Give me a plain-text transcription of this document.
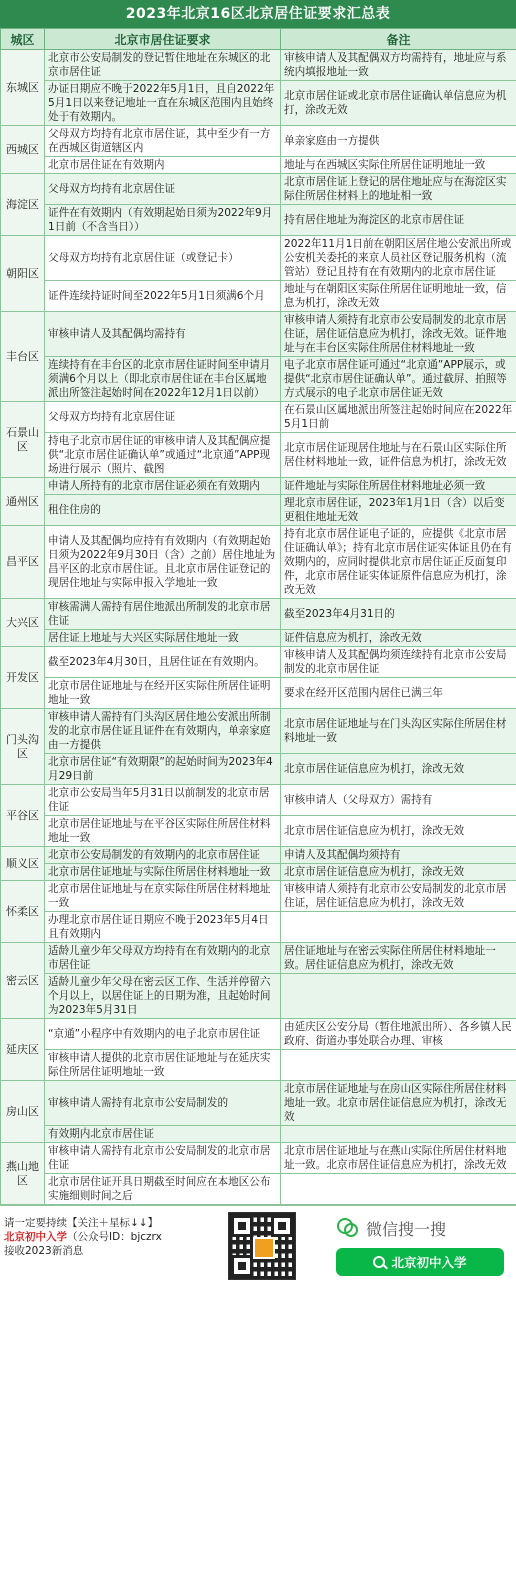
2023年北京16区北京居住证要求汇总表
城区	北京市居住证要求	备注
东城区	北京市公安局制发的登记暂住地址在东城区的北京市居住证	审核申请人及其配偶双方均需持有，地址应与系统内填报地址一致
	办证日期应不晚于2022年5月1日，且自2022年5月1日以来登记地址一直在东城区范围内且始终处于有效期内。	北京市居住证或北京市居住证确认单信息应为机打，涂改无效
西城区	父母双方均持有北京市居住证，其中至少有一方在西城区街道辖区内	单亲家庭由一方提供
	北京市居住证在有效期内	地址与在西城区实际住所居住证明地址一致
海淀区	父母双方均持有北京居住证	北京市居住证上登记的居住地址应与在海淀区实际住所居住材料上的地址相一致
	证件在有效期内（有效期起始日须为2022年9月1日前（不含当日））	持有居住地址为海淀区的北京市居住证
朝阳区	父母双方均持有北京居住证（或登记卡）	2022年11月1日前在朝阳区居住地公安派出所或公安机关委托的来京人员社区登记服务机构（流管站）登记且持有在有效期内的北京市居住证
	证件连续持证时间至2022年5月1日须满6个月	地址与在朝阳区实际住所居住证明地址一致，信息为机打，涂改无效
丰台区	审核申请人及其配偶均需持有	审核申请人须持有北京市公安局制发的北京市居住证，居住证信息应为机打，涂改无效。证件地址与在丰台区实际住所居住材料地址一致
	连续持有在丰台区的北京市居住证时间至申请月须满6个月以上（即北京市居住证在丰台区属地派出所签注起始时间在2022年12月1日以前）	电子北京市居住证可通过“北京通”APP展示，或提供“北京市居住证确认单”。通过截屏、拍照等方式展示的电子北京市居住证无效
石景山区	父母双方均持有北京居住证	在石景山区属地派出所签注起始时间应在2022年5月1日前
	持电子北京市居住证的审核申请人及其配偶应提供“北京市居住证确认单”或通过“北京通”APP现场进行展示（照片、截图	北京市居住证现居住地址与在石景山区实际住所居住材料地址一致，证件信息为机打，涂改无效
通州区	申请人所持有的北京市居住证必须在有效期内	证件地址与实际住所居住材料地址必须一致
	租住住房的	理北京市居住证，2023年1月1日（含）以后变更租住地址无效
昌平区	申请人及其配偶均应持有有效期内（有效期起始日须为2022年9月30日（含）之前）居住地址为昌平区的北京市居住证。且北京市居住证登记的现居住地址与实际申报入学地址一致	持有北京市居住证电子证的，应提供《北京市居住证确认单》；持有北京市居住证实体证且仍在有效期内的，应同时提供北京市居住证正反面复印件，北京市居住证实体证原件信息应为机打，涂改无效
大兴区	审核需满人需持有居住地派出所制发的北京市居住证	截至2023年4月31日的
	居住证上地址与大兴区实际居住地址一致	证件信息应为机打，涂改无效
开发区	截至2023年4月30日，且居住证在有效期内。	审核申请人及其配偶均须连续持有北京市公安局制发的北京市居住证
	北京市居住证地址与在经开区实际住所居住证明地址一致	要求在经开区范围内居住已满三年
门头沟区	审核申请人需持有门头沟区居住地公安派出所制发的北京市居住证且证件在有效期内，单亲家庭由一方提供	北京市居住证地址与在门头沟区实际住所居住材料地址一致
	北京市居住证“有效期限”的起始时间为2023年4月29日前	北京市居住证信息应为机打，涂改无效
平谷区	北京市公安局当年5月31日以前制发的北京市居住证	审核申请人（父母双方）需持有
	北京市居住证地址与在平谷区实际住所居住材料地址一致	北京市居住证信息应为机打，涂改无效
顺义区	北京市公安局制发的有效期内的北京市居住证	申请人及其配偶均须持有
	北京市居住证地址与实际住所居住材料地址一致	北京市居住证信息应为机打，涂改无效
怀柔区	北京市居住证地址与在京实际住所居住材料地址一致	审核申请人须持有北京市公安局制发的北京市居住证，居住证信息应为机打，涂改无效
	办理北京市居住证日期应不晚于2023年5月4日且有效期内	
密云区	适龄儿童少年父母双方均持有在有效期内的北京市居住证	居住证地址与在密云实际住所居住材料地址一致。居住证信息应为机打，涂改无效
	适龄儿童少年父母在密云区工作、生活并停留六个月以上，以居住证上的日期为准，且起始时间为2023年5月31日	
延庆区	“京通”小程序中有效期内的电子北京市居住证	由延庆区公安分局（暂住地派出所）、各乡镇人民政府、街道办事处联合办理、审核
	审核申请人提供的北京市居住证地址与在延庆实际住所居住证明地址一致	
房山区	审核申请人需持有北京市公安局制发的	北京市居住证地址与在房山区实际住所居住材料地址一致。北京市居住证信息应为机打，涂改无效
	有效期内北京市居住证	
燕山地区	审核申请人需持有北京市公安局制发的北京市居住证	北京市居住证地址与在燕山实际住所居住材料地址一致。北京市居住证信息应为机打，涂改无效
	北京市居住证开具日期截至时间应在本地区公布实施细则时间之后	
请一定要持续【关注＋星标↓↓】
北京初中入学（公众号ID：bjczrx
接收2023新消息
微信搜一搜
北京初中入学
